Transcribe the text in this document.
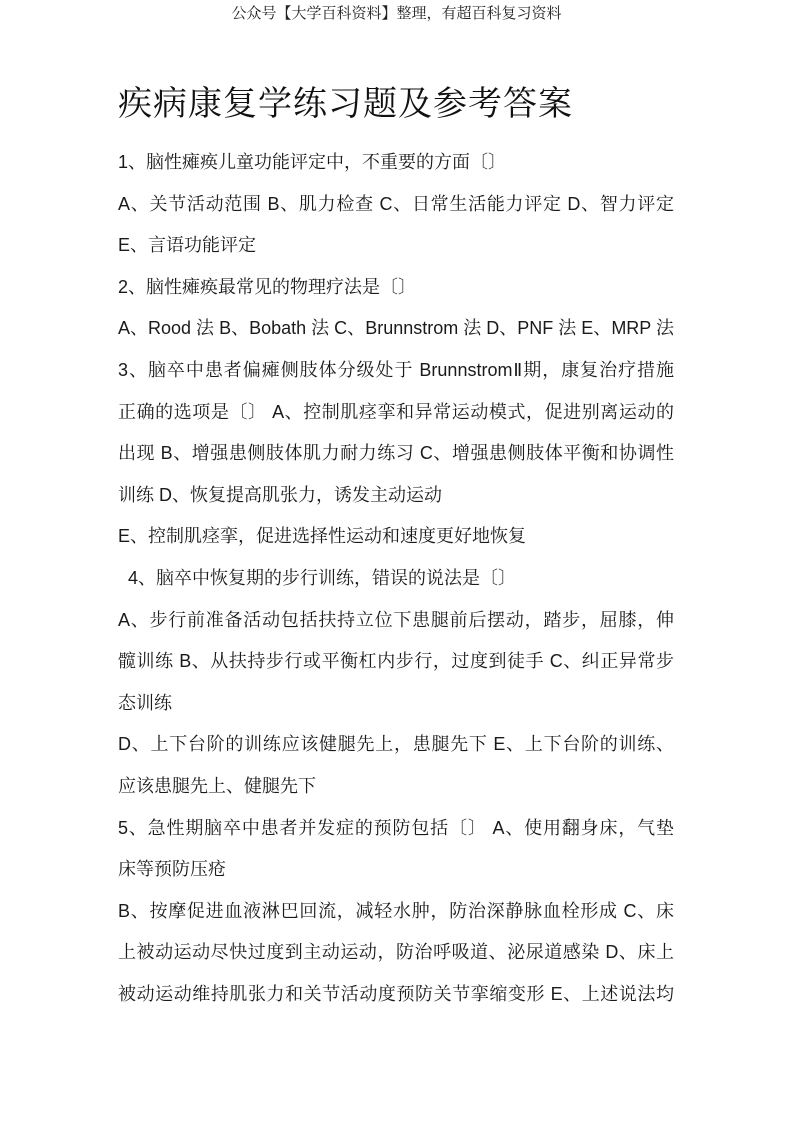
公众号【大学百科资料】整理，有超百科复习资料
疾病康复学练习题及参考答案
1、脑性瘫痪儿童功能评定中，不重要的方面〔〕
A、关节活动范围 B、肌力检查 C、日常生活能力评定 D、智力评定
E、言语功能评定
2、脑性瘫痪最常见的物理疗法是〔〕
A、Rood 法 B、Bobath 法 C、Brunnstrom 法 D、PNF 法 E、MRP 法
3、脑卒中患者偏瘫侧肢体分级处于 BrunnstromⅡ期，康复治疗措施
正确的选项是〔〕 A、控制肌痉挛和异常运动模式，促进别离运动的
出现 B、增强患侧肢体肌力耐力练习 C、增强患侧肢体平衡和协调性
训练 D、恢复提高肌张力，诱发主动运动
E、控制肌痉挛，促进选择性运动和速度更好地恢复
4、脑卒中恢复期的步行训练，错误的说法是〔〕
A、步行前准备活动包括扶持立位下患腿前后摆动，踏步，屈膝，伸
髋训练 B、从扶持步行或平衡杠内步行，过度到徒手 C、纠正异常步
态训练
D、上下台阶的训练应该健腿先上，患腿先下 E、上下台阶的训练、
应该患腿先上、健腿先下
5、急性期脑卒中患者并发症的预防包括〔〕 A、使用翻身床，气垫
床等预防压疮
B、按摩促进血液淋巴回流，减轻水肿，防治深静脉血栓形成 C、床
上被动运动尽快过度到主动运动，防治呼吸道、泌尿道感染 D、床上
被动运动维持肌张力和关节活动度预防关节挛缩变形 E、上述说法均
